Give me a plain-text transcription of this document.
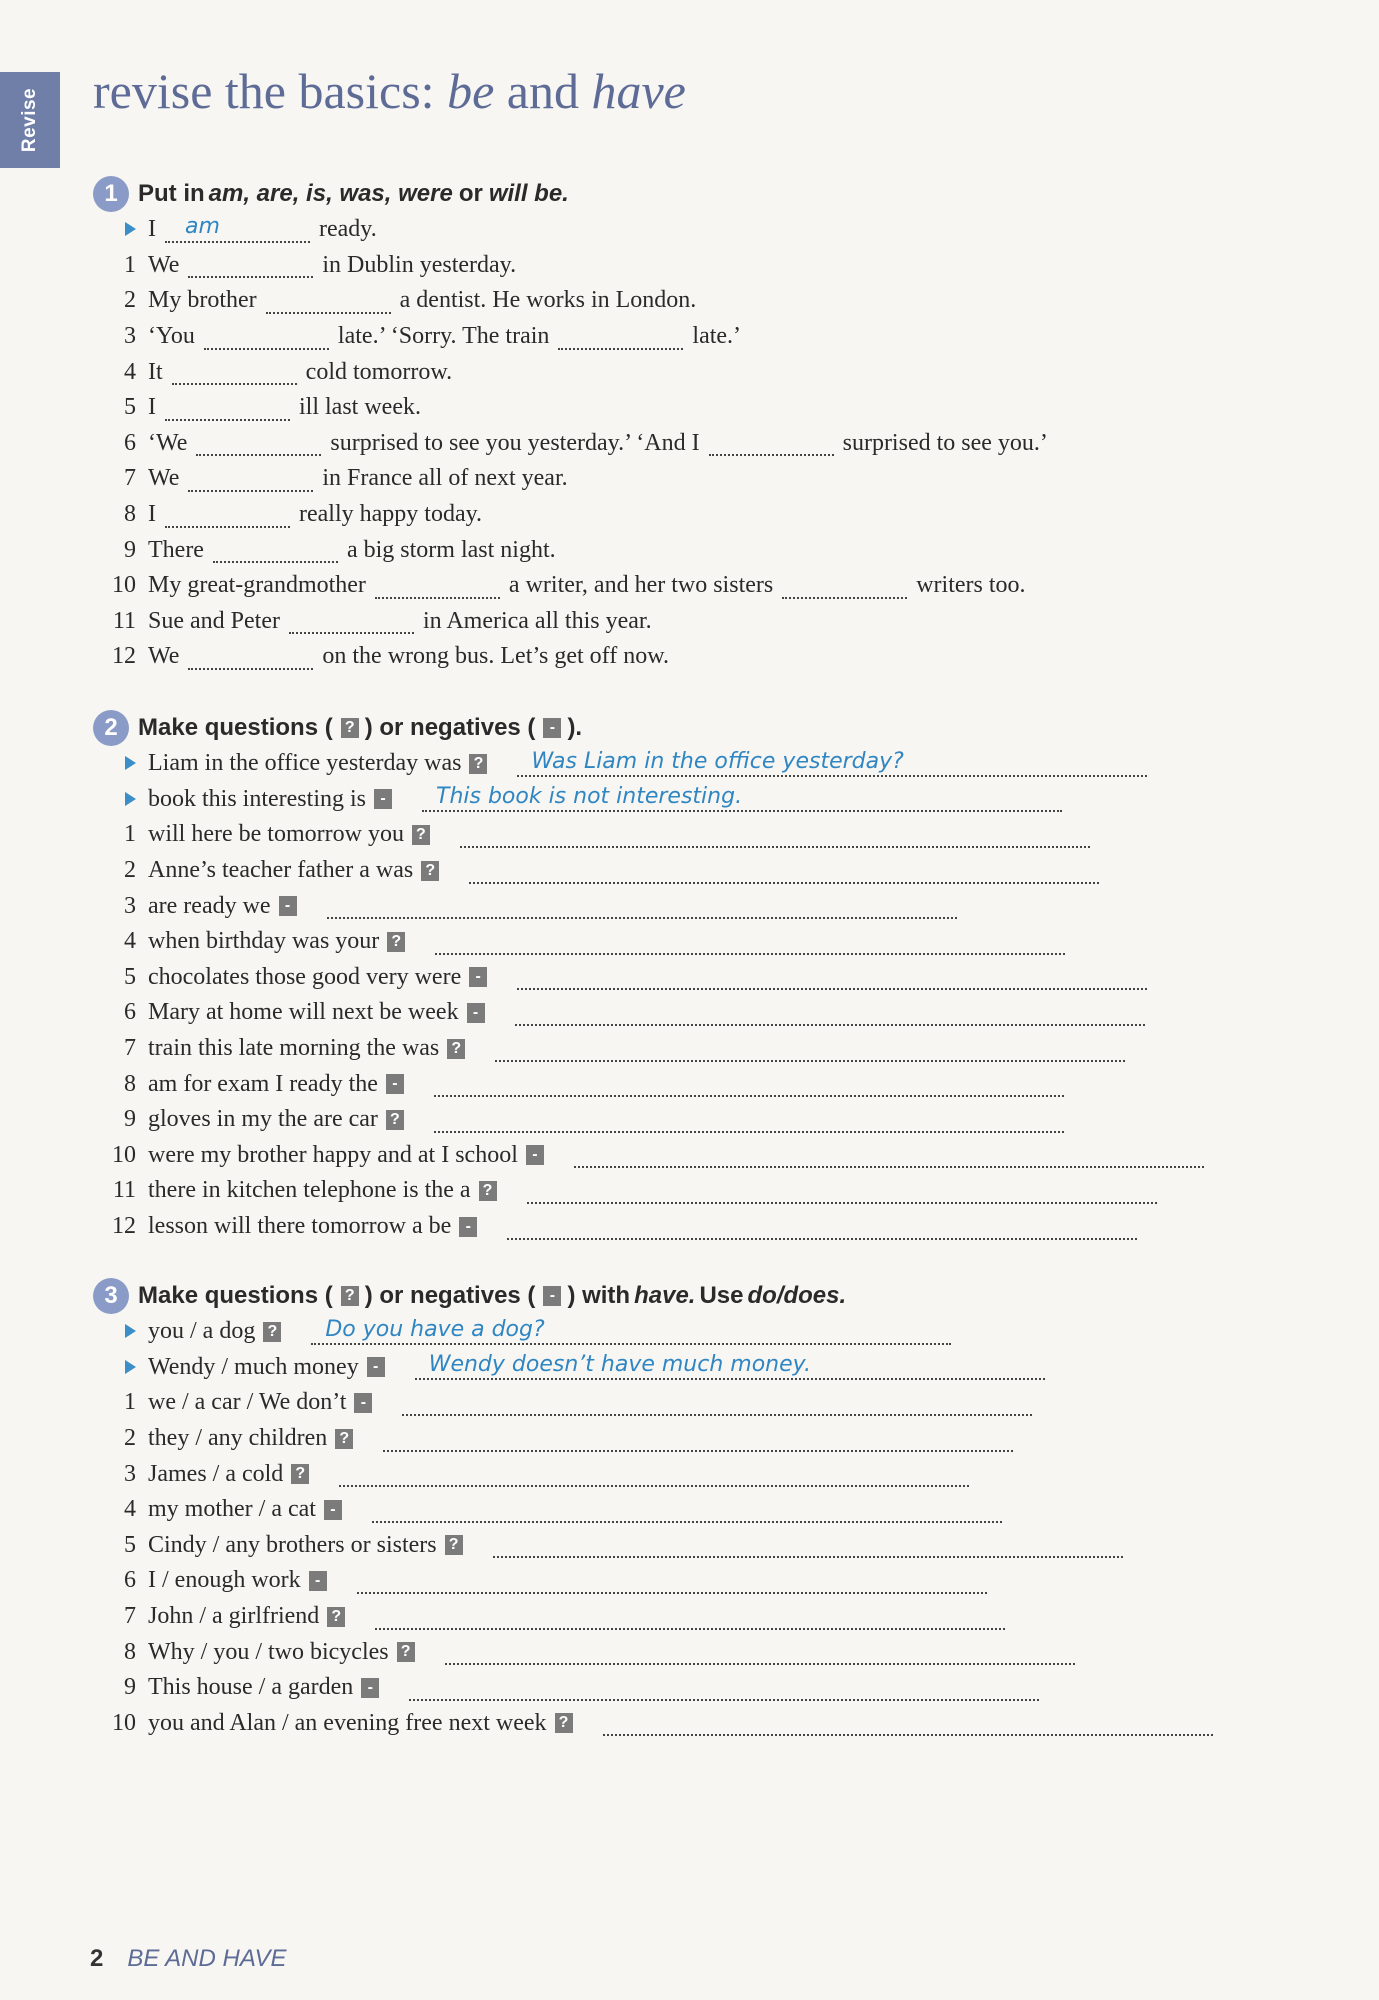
Revise revise the basics: be and have
1 Put in am, are, is, was, were or will be.
I am	ready.
1 We	in Dublin yesterday.
2 My brother	a dentist. He works in London.
3 ‘You	late.’ ‘Sorry. The train	late.’
4 It	cold tomorrow.
5 I	ill last week.
6 ‘We	surprised to see you yesterday.’ ‘And I	surprised to see you.’
7 We	in France all of next year.
8 I	really happy today.
9 There	a big storm last night.
10 My great-grandmother	a writer, and her two sisters	writers too.
11 Sue and Peter	in America all this year.
12 We	on the wrong bus. Let’s get off now.
2 Make questions ( ? ) or negatives ( - ).
Liam in the office yesterday was ? Was Liam in the office yesterday?
book this interesting is - This book is not interesting.
1 will here be tomorrow you ?
2 Anne’s teacher father a was ?
3 are ready we -
4 when birthday was your ?
5 chocolates those good very were -
6 Mary at home will next be week -
7 train this late morning the was ?
8 am for exam I ready the -
9 gloves in my the are car ?
10 were my brother happy and at I school -
11 there in kitchen telephone is the a ?
12 lesson will there tomorrow a be -
3 Make questions ( ? ) or negatives ( - ) with have. Use do/does.
you / a dog ? Do you have a dog?
Wendy / much money - Wendy doesn’t have much money.
1 we / a car / We don’t -
2 they / any children ?
3 James / a cold ?
4 my mother / a cat -
5 Cindy / any brothers or sisters ?
6 I / enough work -
7 John / a girlfriend ?
8 Why / you / two bicycles ?
9 This house / a garden -
10 you and Alan / an evening free next week ?
2 BE AND HAVE
